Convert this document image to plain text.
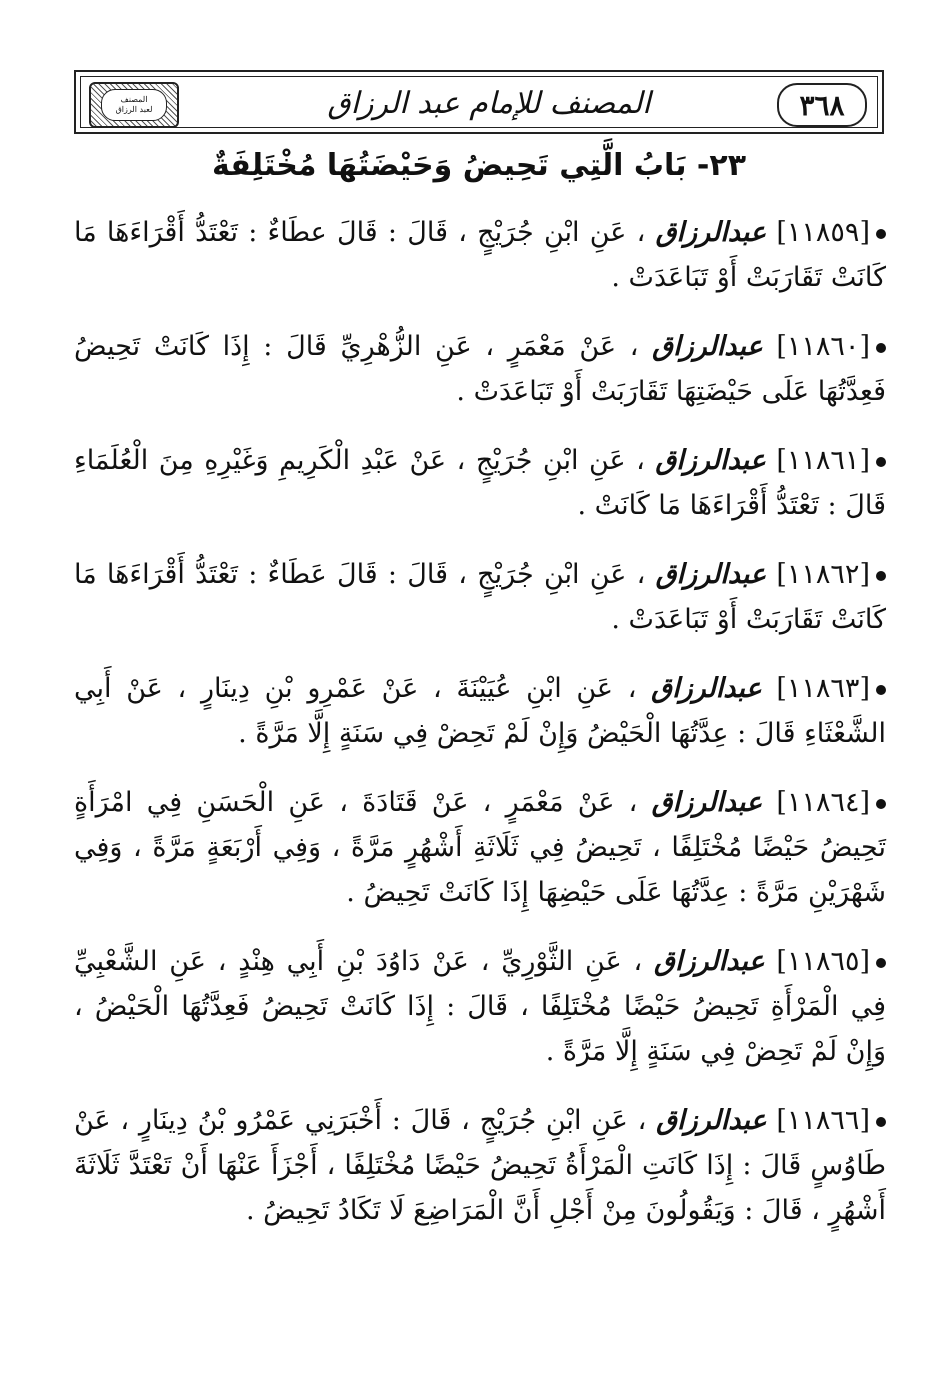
٣٦٨
المصنف للإمام عبد الرزاق
المصنف
لعبد الرزاق
٢٣- بَابُ الَّتِي تَحِيضُ وَحَيْضَتُهَا مُخْتَلِفَةٌ
[١١٨٥٩] عبدالرزاق ، عَنِ ابْنِ جُرَيْجٍ ، قَالَ : قَالَ عطَاءٌ : تَعْتَدُّ أَقْرَاءَهَا مَا كَانَتْ تَقَارَبَتْ أَوْ تَبَاعَدَتْ .
[١١٨٦٠] عبدالرزاق ، عَنْ مَعْمَرٍ ، عَنِ الزُّهْرِيِّ قَالَ : إِذَا كَانَتْ تَحِيضُ فَعِدَّتُهَا عَلَى حَيْضَتِهَا تَقَارَبَتْ أَوْ تَبَاعَدَتْ .
[١١٨٦١] عبدالرزاق ، عَنِ ابْنِ جُرَيْجٍ ، عَنْ عَبْدِ الْكَرِيمِ وَغَيْرِهِ مِنَ الْعُلَمَاءِ قَالَ : تَعْتَدُّ أَقْرَاءَهَا مَا كَانَتْ .
[١١٨٦٢] عبدالرزاق ، عَنِ ابْنِ جُرَيْجٍ ، قَالَ : قَالَ عَطَاءٌ : تَعْتَدُّ أَقْرَاءَهَا مَا كَانَتْ تَقَارَبَتْ أَوْ تَبَاعَدَتْ .
[١١٨٦٣] عبدالرزاق ، عَنِ ابْنِ عُيَيْنَةَ ، عَنْ عَمْرِو بْنِ دِينَارٍ ، عَنْ أَبِي الشَّعْثَاءِ قَالَ : عِدَّتُهَا الْحَيْضُ وَإِنْ لَمْ تَحِضْ فِي سَنَةٍ إِلَّا مَرَّةً .
[١١٨٦٤] عبدالرزاق ، عَنْ مَعْمَرٍ ، عَنْ قَتَادَةَ ، عَنِ الْحَسَنِ فِي امْرَأَةٍ تَحِيضُ حَيْضًا مُخْتَلِفًا ، تَحِيضُ فِي ثَلَاثَةِ أَشْهُرٍ مَرَّةً ، وَفِي أَرْبَعَةٍ مَرَّةً ، وَفِي شَهْرَيْنِ مَرَّةً : عِدَّتُهَا عَلَى حَيْضِهَا إِذَا كَانَتْ تَحِيضُ .
[١١٨٦٥] عبدالرزاق ، عَنِ الثَّوْرِيِّ ، عَنْ دَاوُدَ بْنِ أَبِي هِنْدٍ ، عَنِ الشَّعْبِيِّ فِي الْمَرْأَةِ تَحِيضُ حَيْضًا مُخْتَلِفًا ، قَالَ : إِذَا كَانَتْ تَحِيضُ فَعِدَّتُهَا الْحَيْضُ ، وَإِنْ لَمْ تَحِضْ فِي سَنَةٍ إِلَّا مَرَّةً .
[١١٨٦٦] عبدالرزاق ، عَنِ ابْنِ جُرَيْجٍ ، قَالَ : أَخْبَرَنِي عَمْرُو بْنُ دِينَارٍ ، عَنْ طَاوُسٍ قَالَ : إِذَا كَانَتِ الْمَرْأَةُ تَحِيضُ حَيْضًا مُخْتَلِفًا ، أَجْزَأَ عَنْهَا أَنْ تَعْتَدَّ ثَلَاثَةَ أَشْهُرٍ ، قَالَ : وَيَقُولُونَ مِنْ أَجْلِ أَنَّ الْمَرَاضِعَ لَا تَكَادُ تَحِيضُ .
